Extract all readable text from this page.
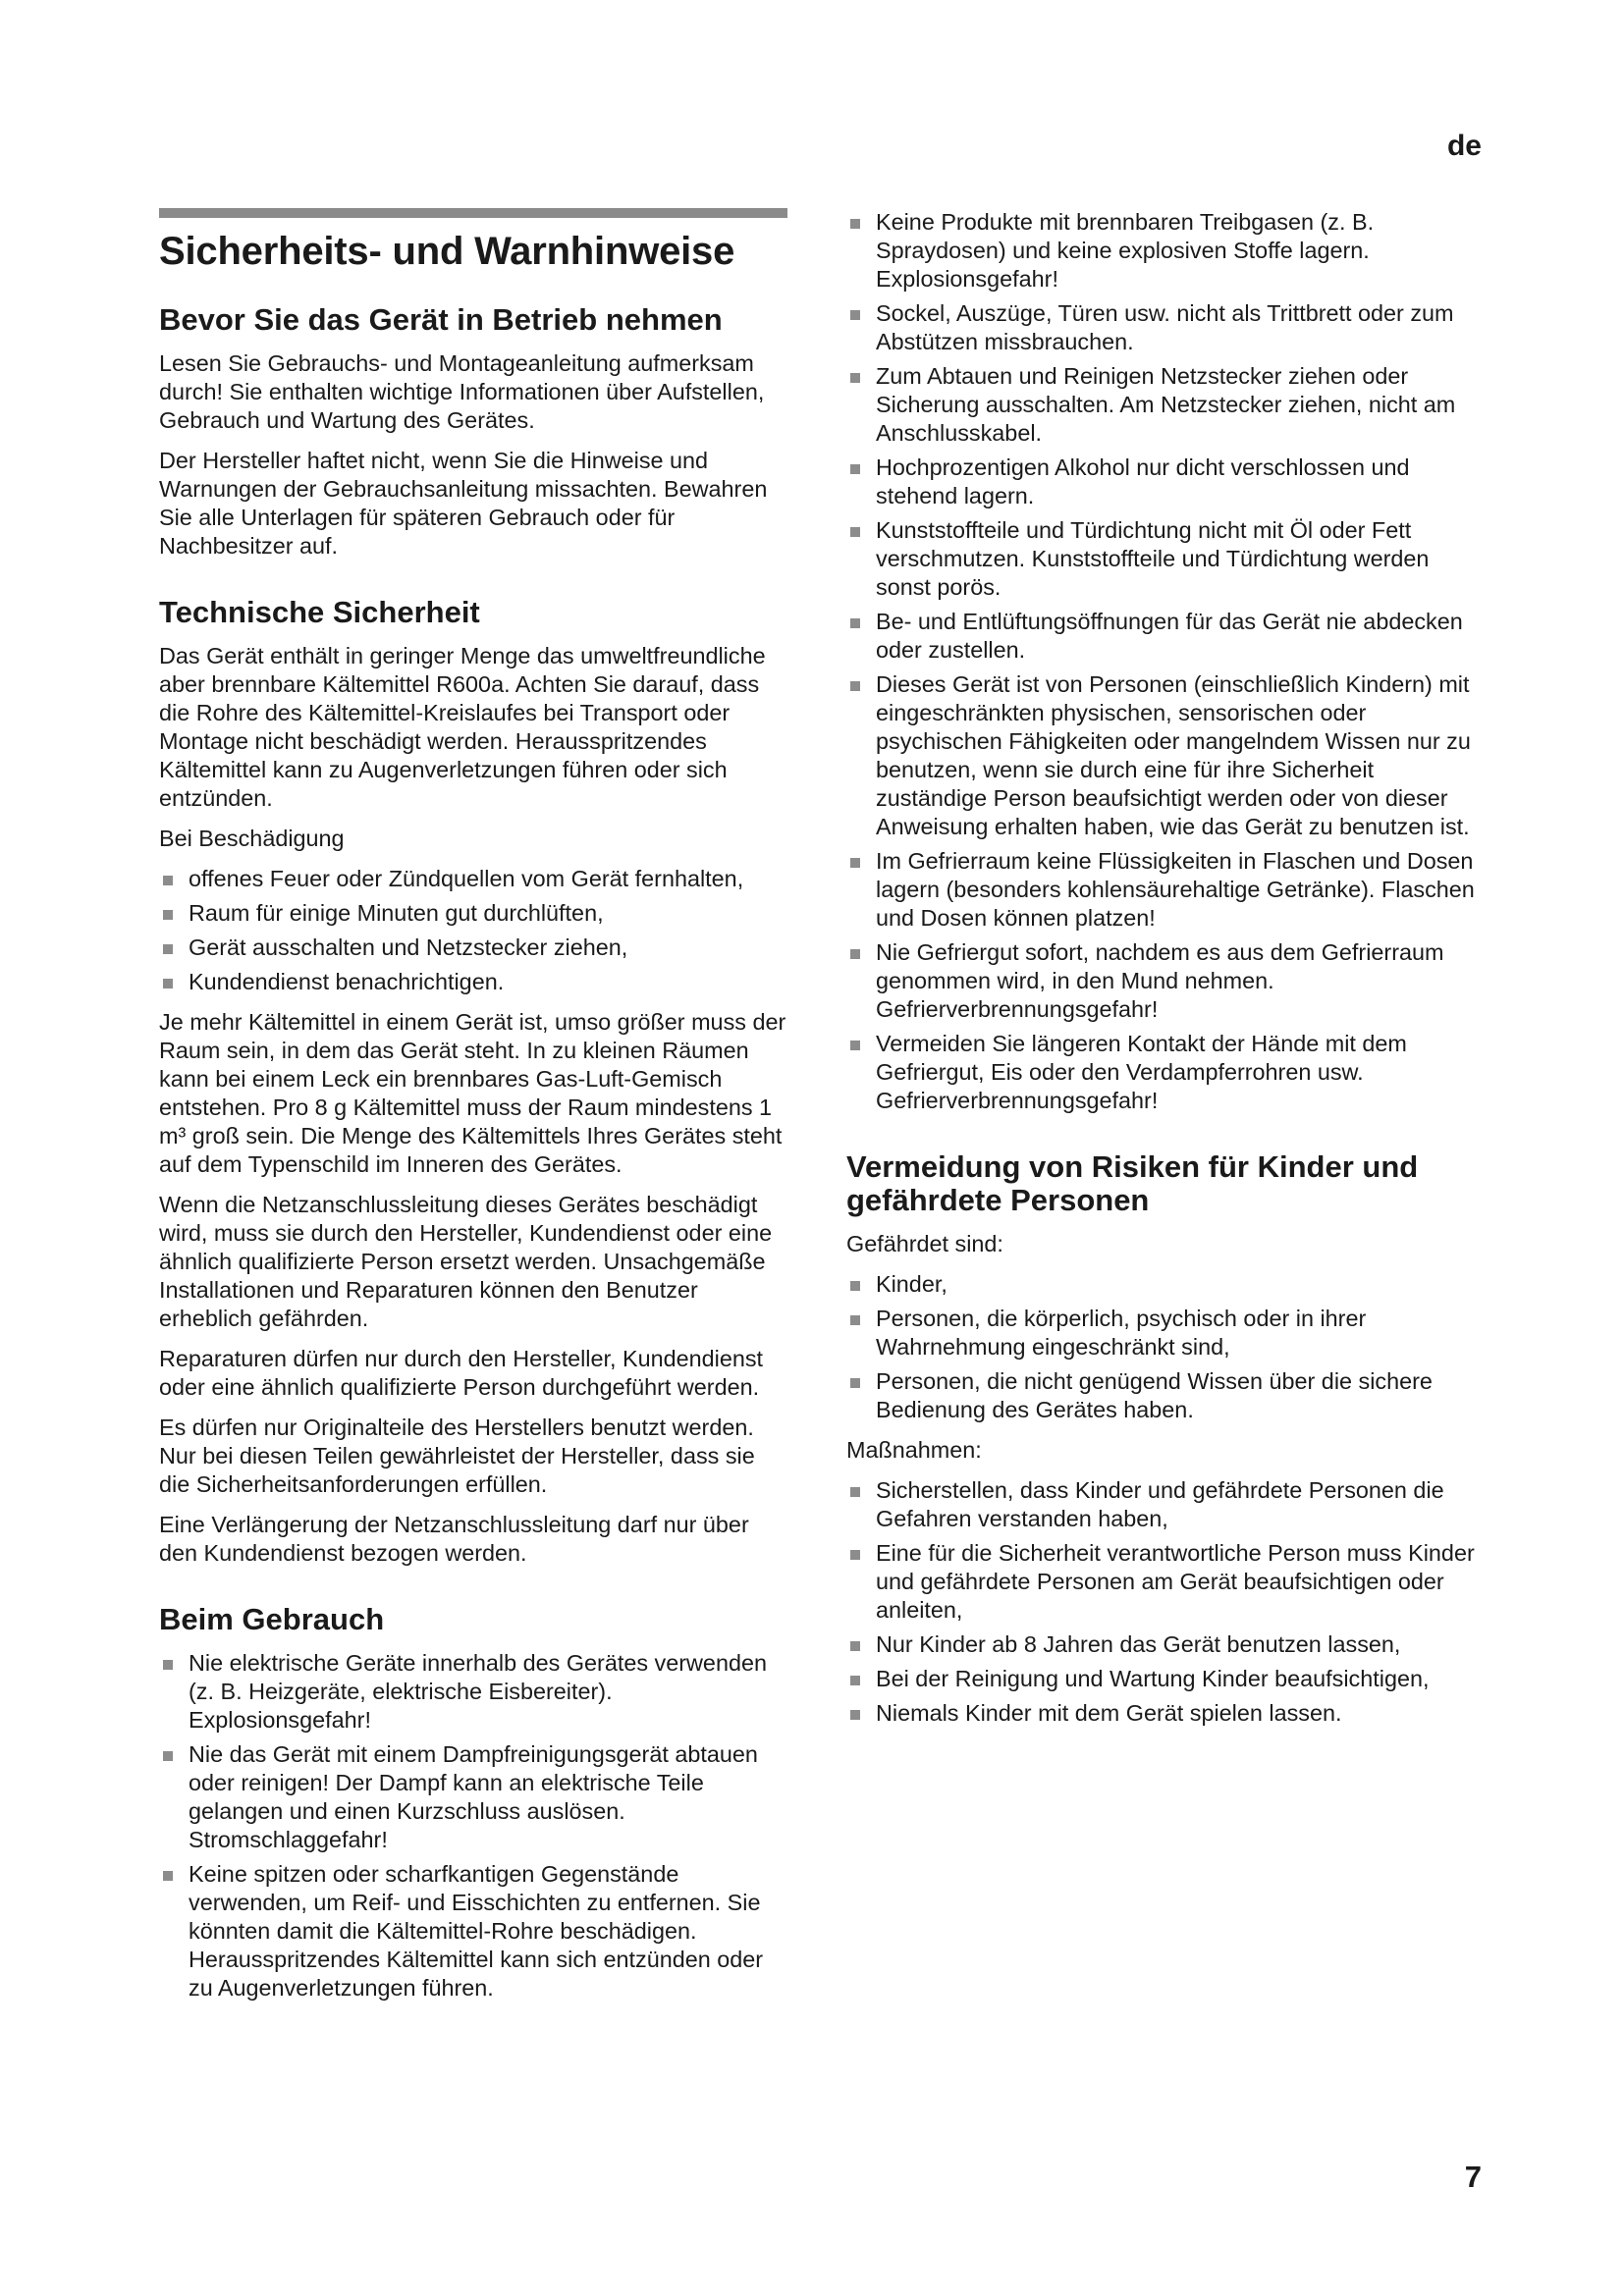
de
Sicherheits- und Warnhinweise
Bevor Sie das Gerät in Betrieb nehmen

Lesen Sie Gebrauchs- und Montageanleitung aufmerksam durch! Sie enthalten wichtige Informationen über Aufstellen, Gebrauch und Wartung des Gerätes.

Der Hersteller haftet nicht, wenn Sie die Hinweise und Warnungen der Gebrauchsanleitung missachten. Bewahren Sie alle Unterlagen für späteren Gebrauch oder für Nachbesitzer auf.

Technische Sicherheit

Das Gerät enthält in geringer Menge das umweltfreundliche aber brennbare Kältemittel R600a. Achten Sie darauf, dass die Rohre des Kältemittel-Kreislaufes bei Transport oder Montage nicht beschädigt werden. Herausspritzendes Kältemittel kann zu Augenverletzungen führen oder sich entzünden.

Bei Beschädigung

offenes Feuer oder Zündquellen vom Gerät fernhalten,
Raum für einige Minuten gut durchlüften,
Gerät ausschalten und Netzstecker ziehen,
Kundendienst benachrichtigen.

Je mehr Kältemittel in einem Gerät ist, umso größer muss der Raum sein, in dem das Gerät steht. In zu kleinen Räumen kann bei einem Leck ein brennbares Gas-Luft-Gemisch entstehen. Pro 8 g Kältemittel muss der Raum mindestens 1 m³ groß sein. Die Menge des Kältemittels Ihres Gerätes steht auf dem Typenschild im Inneren des Gerätes.

Wenn die Netzanschlussleitung dieses Gerätes beschädigt wird, muss sie durch den Hersteller, Kundendienst oder eine ähnlich qualifizierte Person ersetzt werden. Unsachgemäße Installationen und Reparaturen können den Benutzer erheblich gefährden.

Reparaturen dürfen nur durch den Hersteller, Kundendienst oder eine ähnlich qualifizierte Person durchgeführt werden.

Es dürfen nur Originalteile des Herstellers benutzt werden. Nur bei diesen Teilen gewährleistet der Hersteller, dass sie die Sicherheitsanforderungen erfüllen.

Eine Verlängerung der Netzanschlussleitung darf nur über den Kundendienst bezogen werden.

Beim Gebrauch
Nie elektrische Geräte innerhalb des Gerätes verwenden (z. B. Heizgeräte, elektrische Eisbereiter). Explosionsgefahr!
Nie das Gerät mit einem Dampfreinigungsgerät abtauen oder reinigen! Der Dampf kann an elektrische Teile gelangen und einen Kurzschluss auslösen. Stromschlaggefahr!
Keine spitzen oder scharfkantigen Gegenstände verwenden, um Reif- und Eisschichten zu entfernen. Sie könnten damit die Kältemittel-Rohre beschädigen. Herausspritzendes Kältemittel kann sich entzünden oder zu Augenverletzungen führen.
Keine Produkte mit brennbaren Treibgasen (z. B. Spraydosen) und keine explosiven Stoffe lagern. Explosionsgefahr!
Sockel, Auszüge, Türen usw. nicht als Trittbrett oder zum Abstützen missbrauchen.
Zum Abtauen und Reinigen Netzstecker ziehen oder Sicherung ausschalten. Am Netzstecker ziehen, nicht am Anschlusskabel.
Hochprozentigen Alkohol nur dicht verschlossen und stehend lagern.
Kunststoffteile und Türdichtung nicht mit Öl oder Fett verschmutzen. Kunststoffteile und Türdichtung werden sonst porös.
Be- und Entlüftungsöffnungen für das Gerät nie abdecken oder zustellen.
Dieses Gerät ist von Personen (einschließlich Kindern) mit eingeschränkten physischen, sensorischen oder psychischen Fähigkeiten oder mangelndem Wissen nur zu benutzen, wenn sie durch eine für ihre Sicherheit zuständige Person beaufsichtigt werden oder von dieser Anweisung erhalten haben, wie das Gerät zu benutzen ist.
Im Gefrierraum keine Flüssigkeiten in Flaschen und Dosen lagern (besonders kohlensäurehaltige Getränke). Flaschen und Dosen können platzen!
Nie Gefriergut sofort, nachdem es aus dem Gefrierraum genommen wird, in den Mund nehmen. Gefrierverbrennungsgefahr!
Vermeiden Sie längeren Kontakt der Hände mit dem Gefriergut, Eis oder den Verdampferrohren usw. Gefrierverbrennungsgefahr!
Vermeidung von Risiken für Kinder und gefährdete Personen

Gefährdet sind:

Kinder,
Personen, die körperlich, psychisch oder in ihrer Wahrnehmung eingeschränkt sind,
Personen, die nicht genügend Wissen über die sichere Bedienung des Gerätes haben.

Maßnahmen:

Sicherstellen, dass Kinder und gefährdete Personen die Gefahren verstanden haben,
Eine für die Sicherheit verantwortliche Person muss Kinder und gefährdete Personen am Gerät beaufsichtigen oder anleiten,
Nur Kinder ab 8 Jahren das Gerät benutzen lassen,
Bei der Reinigung und Wartung Kinder beaufsichtigen,
Niemals Kinder mit dem Gerät spielen lassen.
7
